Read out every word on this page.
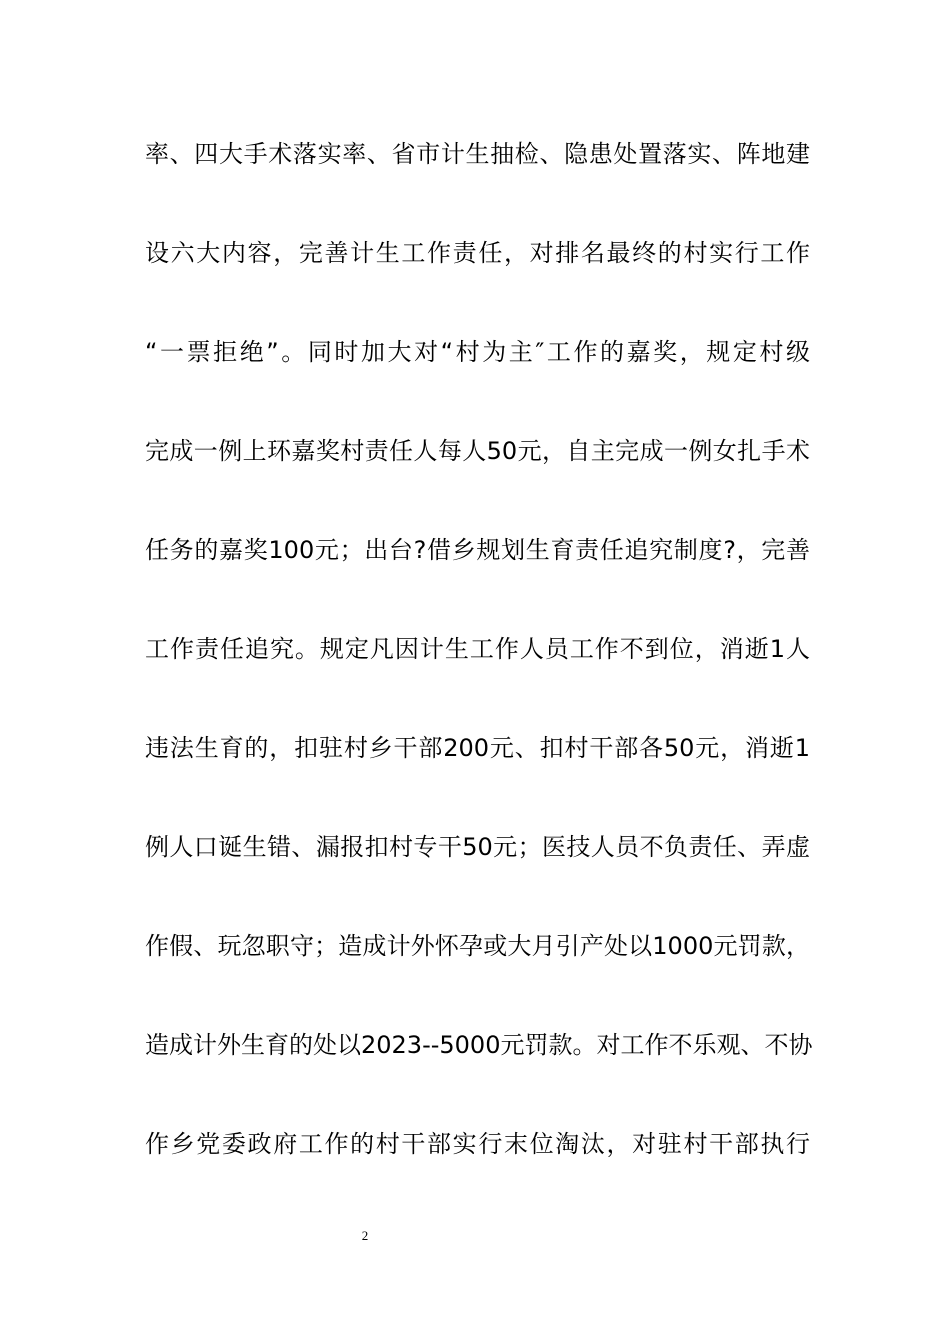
率、四大手术落实率、省市计生抽检、隐患处置落实、阵地建
设六大内容，完善计生工作责任，对排名最终的村实行工作
“一票拒绝”。同时加大对“村为主″工作的嘉奖，规定村级
完成一例上环嘉奖村责任人每人50元，自主完成一例女扎手术
任务的嘉奖100元；出台?借乡规划生育责任追究制度?，完善
工作责任追究。规定凡因计生工作人员工作不到位，消逝1人
违法生育的，扣驻村乡干部200元、扣村干部各50元，消逝1
例人口诞生错、漏报扣村专干50元；医技人员不负责任、弄虚
作假、玩忽职守；造成计外怀孕或大月引产处以1000元罚款，
造成计外生育的处以2023--5000元罚款。对工作不乐观、不协
作乡党委政府工作的村干部实行末位淘汰，对驻村干部执行
2
